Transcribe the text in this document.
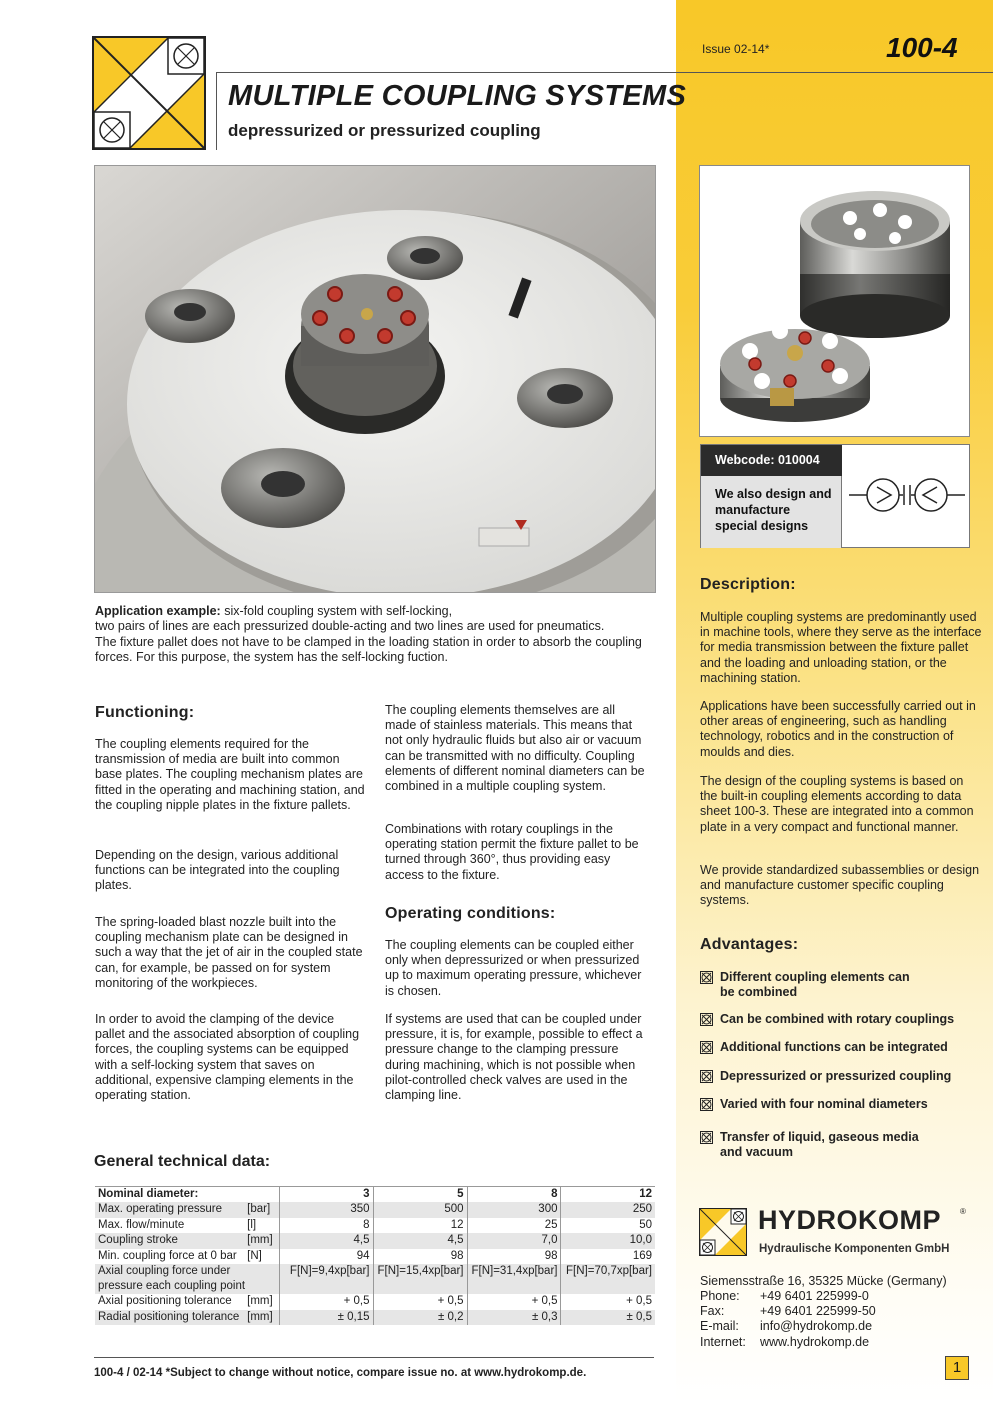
Issue 02-14*	100-4
MULTIPLE COUPLING SYSTEMS
depressurized or pressurized coupling
Webcode: 010004
We also design and manufacture special designs
Application example: six-fold coupling system with self-locking,
two pairs of lines are each pressurized double-acting and two lines are used for pneumatics.
The fixture pallet does not have to be clamped in the loading station in order to absorb the coupling forces. For this purpose, the system has the self-locking fuction.
Functioning:
The coupling elements required for the transmission of media are built into common base plates. The coupling mechanism plates are fitted in the operating and machining station, and the coupling nipple plates in the fixture pallets.
Depending on the design, various additional functions can be integrated into the coupling plates.
The spring-loaded blast nozzle built into the coupling mechanism plate can be designed in such a way that the jet of air in the coupled state can, for example, be passed on for system monitoring of the workpieces.
In order to avoid the clamping of the device pallet and the associated absorption of coupling forces, the coupling systems can be equipped with a self-locking system that saves on additional, expensive clamping elements in the operating station.
The coupling elements themselves are all made of stainless materials. This means that not only hydraulic fluids but also air or vacuum can be transmitted with no difficulty. Coupling elements of different nominal diameters can be combined in a multiple coupling system.
Combinations with rotary couplings in the operating station permit the fixture pallet to be turned through 360°, thus providing easy access to the fixture.
Operating conditions:
The coupling elements can be coupled either only when depressurized or when pressurized up to maximum operating pressure, whichever is chosen.
If systems are used that can be coupled under pressure, it is, for example, possible to effect a pressure change to the clamping pressure during machining, which is not possible when pilot-controlled check valves are used in the clamping line.
Description:
Multiple coupling systems are predominantly used in machine tools, where they serve as the interface for media transmission between the fixture pallet and the loading and unloading station, or the machining station.
Applications have been successfully carried out in other areas of engineering, such as handling technology, robotics and in the construction of moulds and dies.
The design of the coupling systems is based on the built-in coupling elements according to data sheet 100-3. These are integrated into a common plate in a very compact and functional manner.
We provide standardized subassemblies or design and manufacture customer specific coupling systems.
Advantages:
Different coupling elements can be combined
Can be combined with rotary couplings
Additional functions can be integrated
Depressurized or pressurized coupling
Varied with four nominal diameters
Transfer of liquid, gaseous media and vacuum
General technical data:
Nominal diameter:		3	5	8	12
Max. operating pressure	[bar]	350	500	300	250
Max. flow/minute	[l]	8	12	25	50
Coupling stroke	[mm]	4,5	4,5	7,0	10,0
Min. coupling force at 0 bar	[N]	94	98	98	169
Axial coupling force under pressure each coupling point		F[N]=9,4xp[bar]	F[N]=15,4xp[bar]	F[N]=31,4xp[bar]	F[N]=70,7xp[bar]
Axial positioning tolerance	[mm]	+ 0,5	+ 0,5	+ 0,5	+ 0,5
Radial positioning tolerance	[mm]	± 0,15	± 0,2	± 0,3	± 0,5
HYDROKOMP ®
Hydraulische Komponenten GmbH
Siemensstraße 16, 35325 Mücke (Germany)
Phone:	+49 6401 225999-0
Fax:	+49 6401 225999-50
E-mail:	info@hydrokomp.de
Internet:	www.hydrokomp.de
100-4 / 02-14 *Subject to change without notice, compare issue no. at www.hydrokomp.de.	1
